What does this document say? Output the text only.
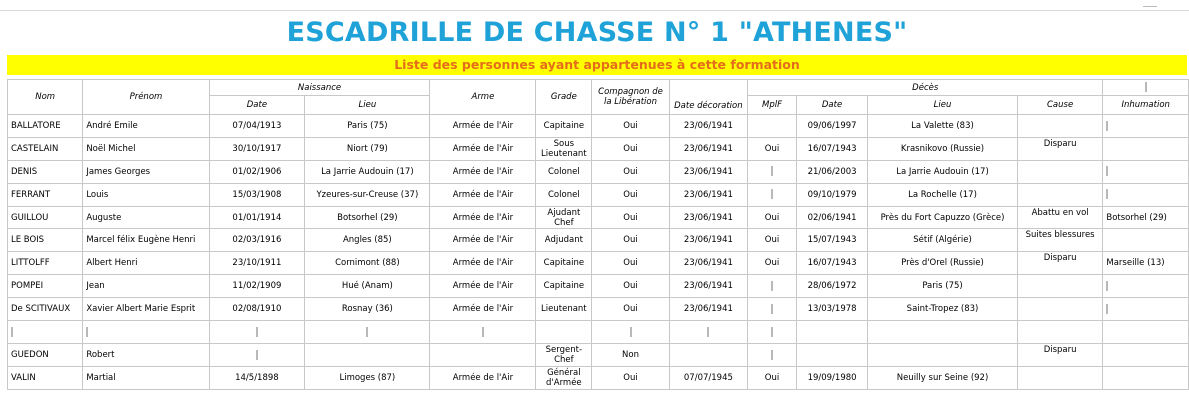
ESCADRILLE DE CHASSE N° 1 "ATHENES"
Liste des personnes ayant appartenues à cette formation
Nom	Prénom	Naissance		Arme	Grade	Compagnon de la Libération	Date décoration	Décès				
		Date	Lieu					MplF	Date	Lieu	Cause	Inhumation
BALLATORE	André Emile	07/04/1913	Paris (75)	Armée de l'Air	Capitaine	Oui	23/06/1941		09/06/1997	La Valette (83)		
CASTELAIN	Noël Michel	30/10/1917	Niort (79)	Armée de l'Air	Sous Lieutenant	Oui	23/06/1941	Oui	16/07/1943	Krasnikovo (Russie)	Disparu	
DENIS	James Georges	01/02/1906	La Jarrie Audouin (17)	Armée de l'Air	Colonel	Oui	23/06/1941		21/06/2003	La Jarrie Audouin (17)		
FERRANT	Louis	15/03/1908	Yzeures-sur-Creuse (37)	Armée de l'Air	Colonel	Oui	23/06/1941		09/10/1979	La Rochelle (17)		
GUILLOU	Auguste	01/01/1914	Botsorhel (29)	Armée de l'Air	Ajudant Chef	Oui	23/06/1941	Oui	02/06/1941	Près du Fort Capuzzo (Grèce)	Abattu en vol	Botsorhel (29)
LE BOIS	Marcel félix Eugène Henri	02/03/1916	Angles (85)	Armée de l'Air	Adjudant	Oui	23/06/1941	Oui	15/07/1943	Sétif (Algérie)	Suites blessures	
LITTOLFF	Albert Henri	23/10/1911	Cornimont (88)	Armée de l'Air	Capitaine	Oui	23/06/1941	Oui	16/07/1943	Près d'Orel (Russie)	Disparu	Marseille (13)
POMPEI	Jean	11/02/1909	Hué (Anam)	Armée de l'Air	Capitaine	Oui	23/06/1941		28/06/1972	Paris (75)		
De SCITIVAUX	Xavier Albert Marie Esprit	02/08/1910	Rosnay (36)	Armée de l'Air	Lieutenant	Oui	23/06/1941		13/03/1978	Saint-Tropez (83)		

GUEDON	Robert				Sergent-Chef	Non					Disparu	
VALIN	Martial	14/5/1898	Limoges (87)	Armée de l'Air	Général d'Armée	Oui	07/07/1945	Oui	19/09/1980	Neuilly sur Seine (92)		
